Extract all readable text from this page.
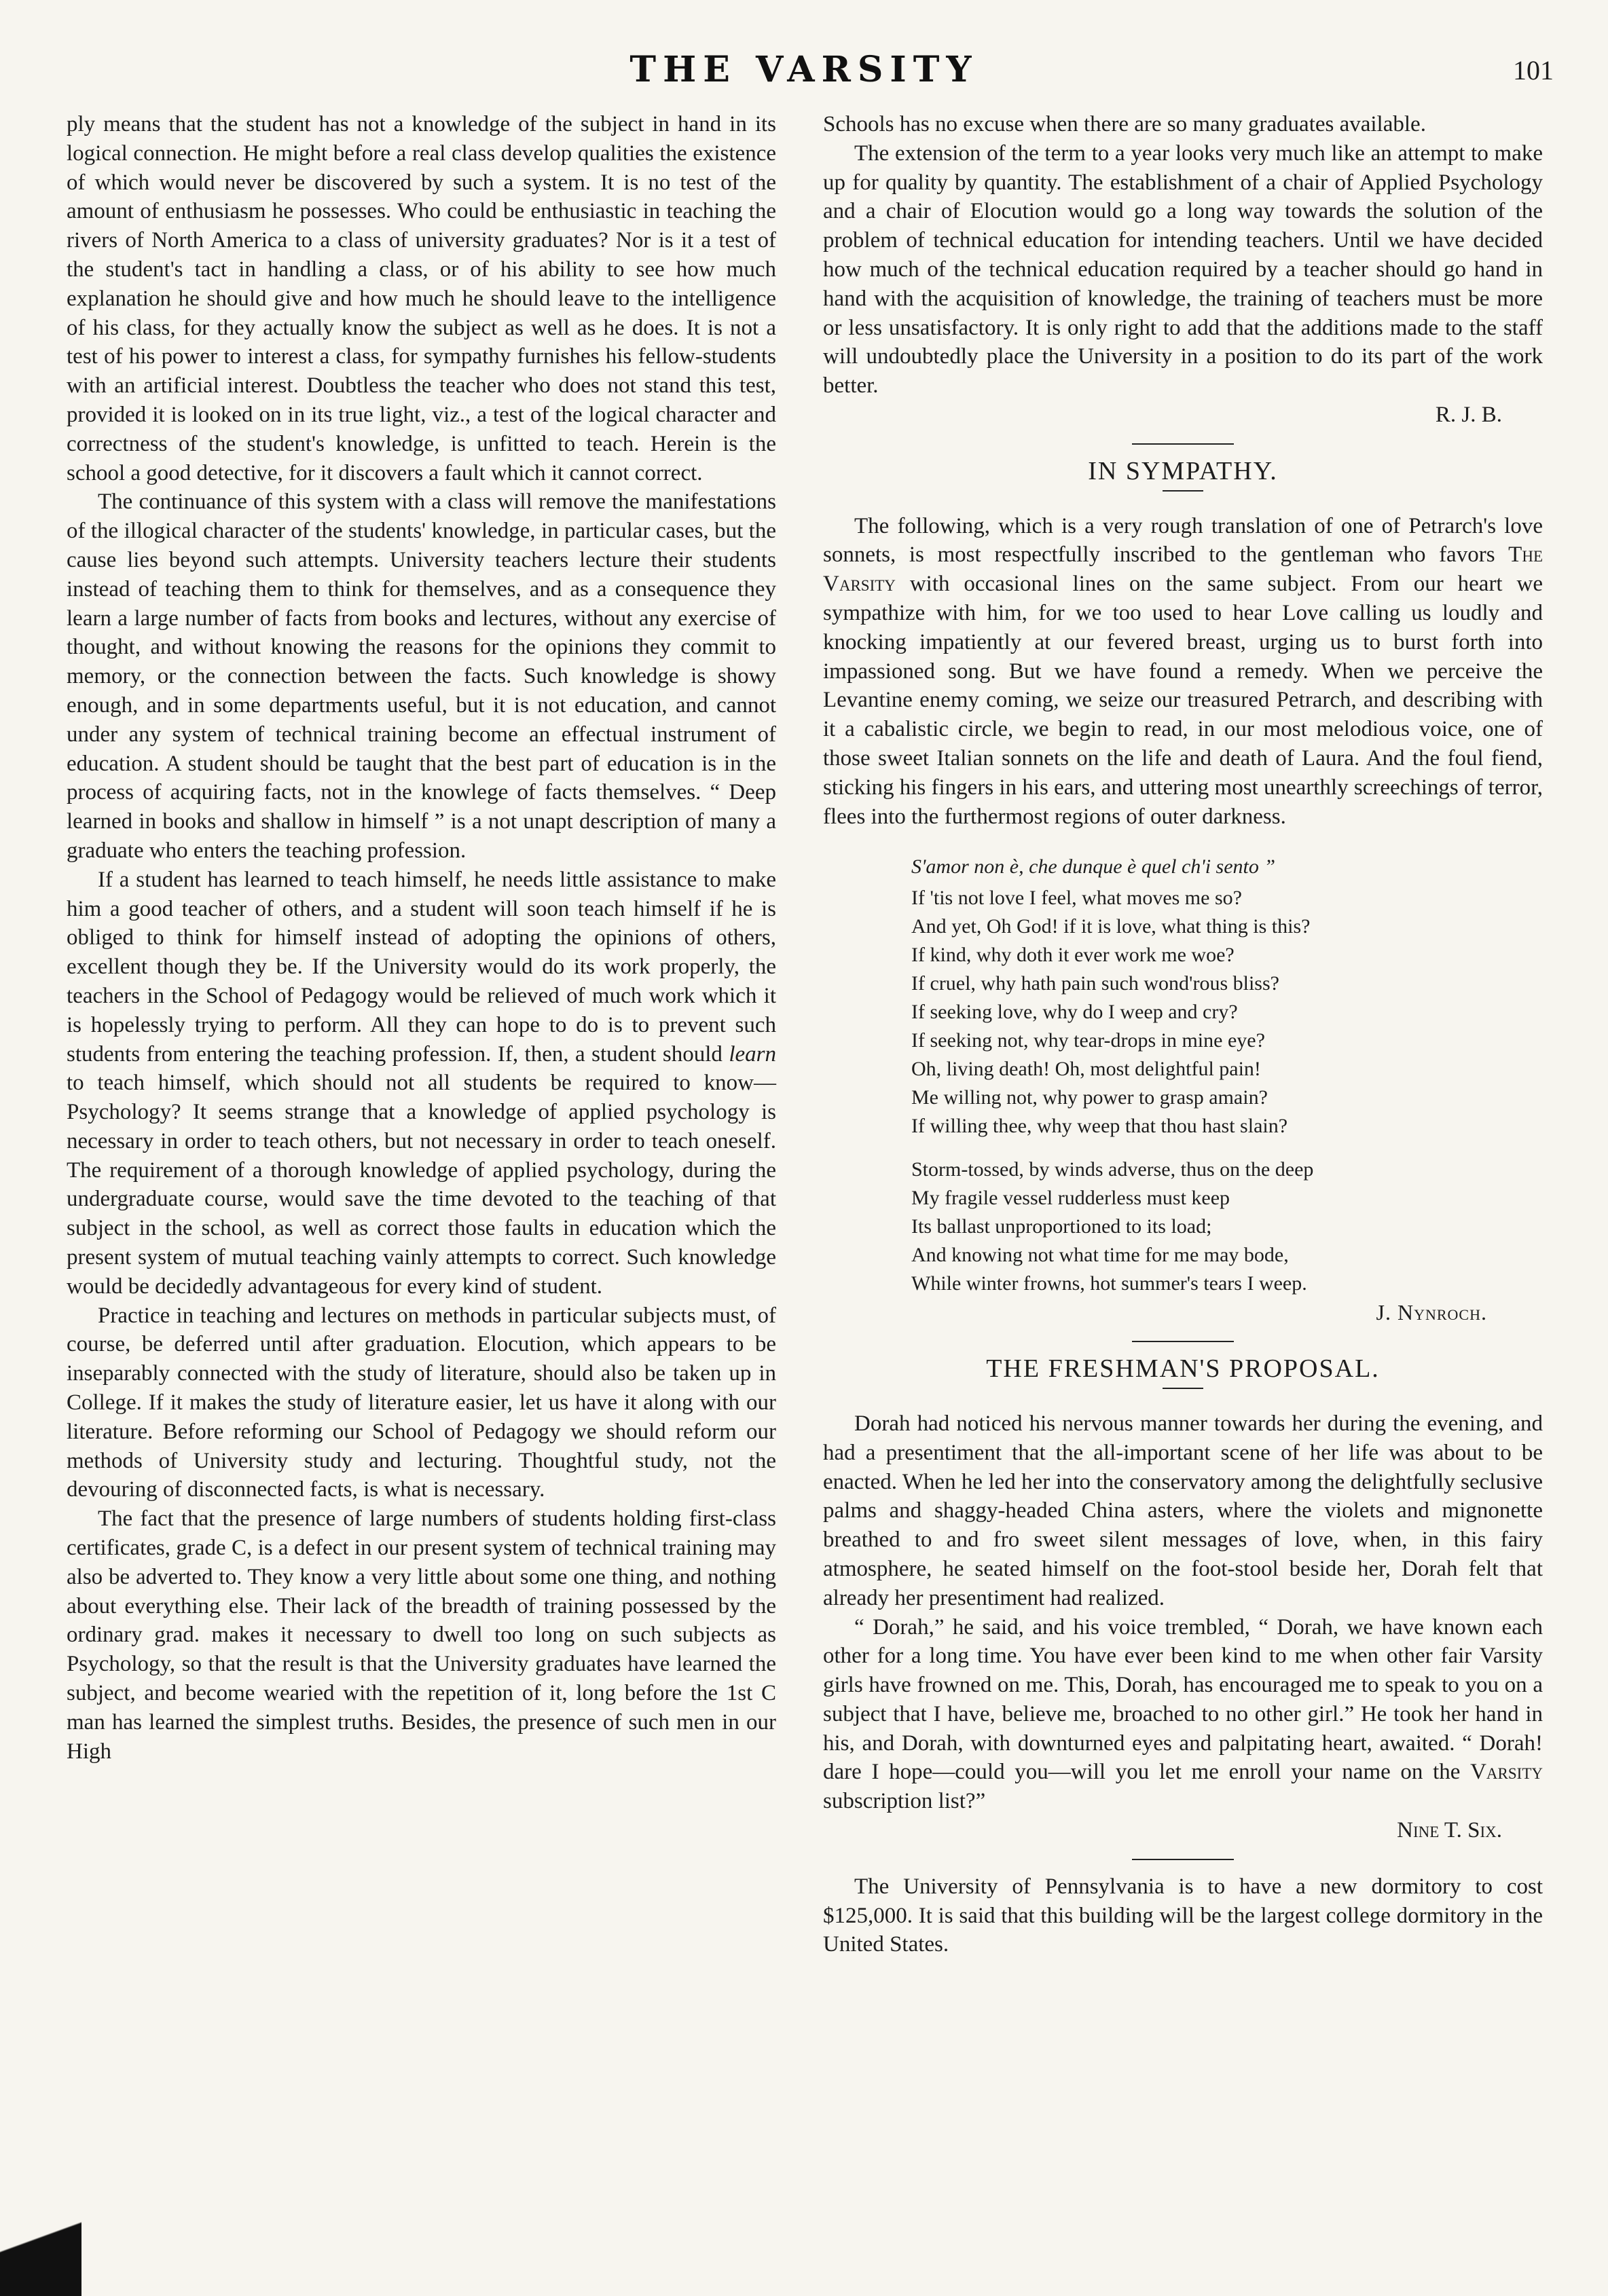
THE VARSITY	101

ply means that the student has not a knowledge of the subject in hand in its logical connection. He might before a real class develop qualities the existence of which would never be discovered by such a system. It is no test of the amount of enthusiasm he possesses. Who could be enthusiastic in teaching the rivers of North America to a class of university graduates? Nor is it a test of the student's tact in handling a class, or of his ability to see how much explanation he should give and how much he should leave to the intelligence of his class, for they actually know the subject as well as he does. It is not a test of his power to interest a class, for sympathy furnishes his fellow-students with an artificial interest. Doubtless the teacher who does not stand this test, provided it is looked on in its true light, viz., a test of the logical character and correctness of the student's knowledge, is unfitted to teach. Herein is the school a good detective, for it discovers a fault which it cannot correct.

The continuance of this system with a class will remove the manifestations of the illogical character of the students' knowledge, in particular cases, but the cause lies beyond such attempts. University teachers lecture their students instead of teaching them to think for themselves, and as a consequence they learn a large number of facts from books and lectures, without any exercise of thought, and without knowing the reasons for the opinions they commit to memory, or the connection between the facts. Such knowledge is showy enough, and in some departments useful, but it is not education, and cannot under any system of technical training become an effectual instrument of education. A student should be taught that the best part of education is in the process of acquiring facts, not in the knowlege of facts themselves. “ Deep learned in books and shallow in himself ” is a not unapt description of many a graduate who enters the teaching profession.

If a student has learned to teach himself, he needs little assistance to make him a good teacher of others, and a student will soon teach himself if he is obliged to think for himself instead of adopting the opinions of others, excellent though they be. If the University would do its work properly, the teachers in the School of Pedagogy would be relieved of much work which it is hopelessly trying to perform. All they can hope to do is to prevent such students from entering the teaching profession. If, then, a student should learn to teach himself, which should not all students be required to know—Psychology? It seems strange that a knowledge of applied psychology is necessary in order to teach others, but not necessary in order to teach oneself. The requirement of a thorough knowledge of applied psychology, during the undergraduate course, would save the time devoted to the teaching of that subject in the school, as well as correct those faults in education which the present system of mutual teaching vainly attempts to correct. Such knowledge would be decidedly advantageous for every kind of student.

Practice in teaching and lectures on methods in particular subjects must, of course, be deferred until after graduation. Elocution, which appears to be inseparably connected with the study of literature, should also be taken up in College. If it makes the study of literature easier, let us have it along with our literature. Before reforming our School of Pedagogy we should reform our methods of University study and lecturing. Thoughtful study, not the devouring of disconnected facts, is what is necessary.

The fact that the presence of large numbers of students holding first-class certificates, grade C, is a defect in our present system of technical training may also be adverted to. They know a very little about some one thing, and nothing about everything else. Their lack of the breadth of training possessed by the ordinary grad. makes it necessary to dwell too long on such subjects as Psychology, so that the result is that the University graduates have learned the subject, and become wearied with the repetition of it, long before the 1st C man has learned the simplest truths. Besides, the presence of such men in our High

Schools has no excuse when there are so many graduates available.

The extension of the term to a year looks very much like an attempt to make up for quality by quantity. The establishment of a chair of Applied Psychology and a chair of Elocution would go a long way towards the solution of the problem of technical education for intending teachers. Until we have decided how much of the technical education required by a teacher should go hand in hand with the acquisition of knowledge, the training of teachers must be more or less unsatisfactory. It is only right to add that the additions made to the staff will undoubtedly place the University in a position to do its part of the work better.

R. J. B.

IN SYMPATHY.

The following, which is a very rough translation of one of Petrarch's love sonnets, is most respectfully inscribed to the gentleman who favors The Varsity with occasional lines on the same subject. From our heart we sympathize with him, for we too used to hear Love calling us loudly and knocking impatiently at our fevered breast, urging us to burst forth into impassioned song. But we have found a remedy. When we perceive the Levantine enemy coming, we seize our treasured Petrarch, and describing with it a cabalistic circle, we begin to read, in our most melodious voice, one of those sweet Italian sonnets on the life and death of Laura. And the foul fiend, sticking his fingers in his ears, and uttering most unearthly screechings of terror, flees into the furthermost regions of outer darkness.

S'amor non è, che dunque è quel ch'i sento ”
If 'tis not love I feel, what moves me so?
And yet, Oh God! if it is love, what thing is this?
If kind, why doth it ever work me woe?
If cruel, why hath pain such wond'rous bliss?
If seeking love, why do I weep and cry?
If seeking not, why tear-drops in mine eye?
Oh, living death! Oh, most delightful pain!
Me willing not, why power to grasp amain?
If willing thee, why weep that thou hast slain?
Storm-tossed, by winds adverse, thus on the deep
My fragile vessel rudderless must keep
Its ballast unproportioned to its load;
And knowing not what time for me may bode,
While winter frowns, hot summer's tears I weep.
J. Nynroch.
THE FRESHMAN'S PROPOSAL.

Dorah had noticed his nervous manner towards her during the evening, and had a presentiment that the all-important scene of her life was about to be enacted. When he led her into the conservatory among the delightfully seclusive palms and shaggy-headed China asters, where the violets and mignonette breathed to and fro sweet silent messages of love, when, in this fairy atmosphere, he seated himself on the foot-stool beside her, Dorah felt that already her presentiment had realized.

“ Dorah,” he said, and his voice trembled, “ Dorah, we have known each other for a long time. You have ever been kind to me when other fair Varsity girls have frowned on me. This, Dorah, has encouraged me to speak to you on a subject that I have, believe me, broached to no other girl.” He took her hand in his, and Dorah, with downturned eyes and palpitating heart, awaited. “ Dorah! dare I hope—could you—will you let me enroll your name on the Varsity subscription list?”

Nine T. Six.

The University of Pennsylvania is to have a new dormitory to cost $125,000. It is said that this building will be the largest college dormitory in the United States.
